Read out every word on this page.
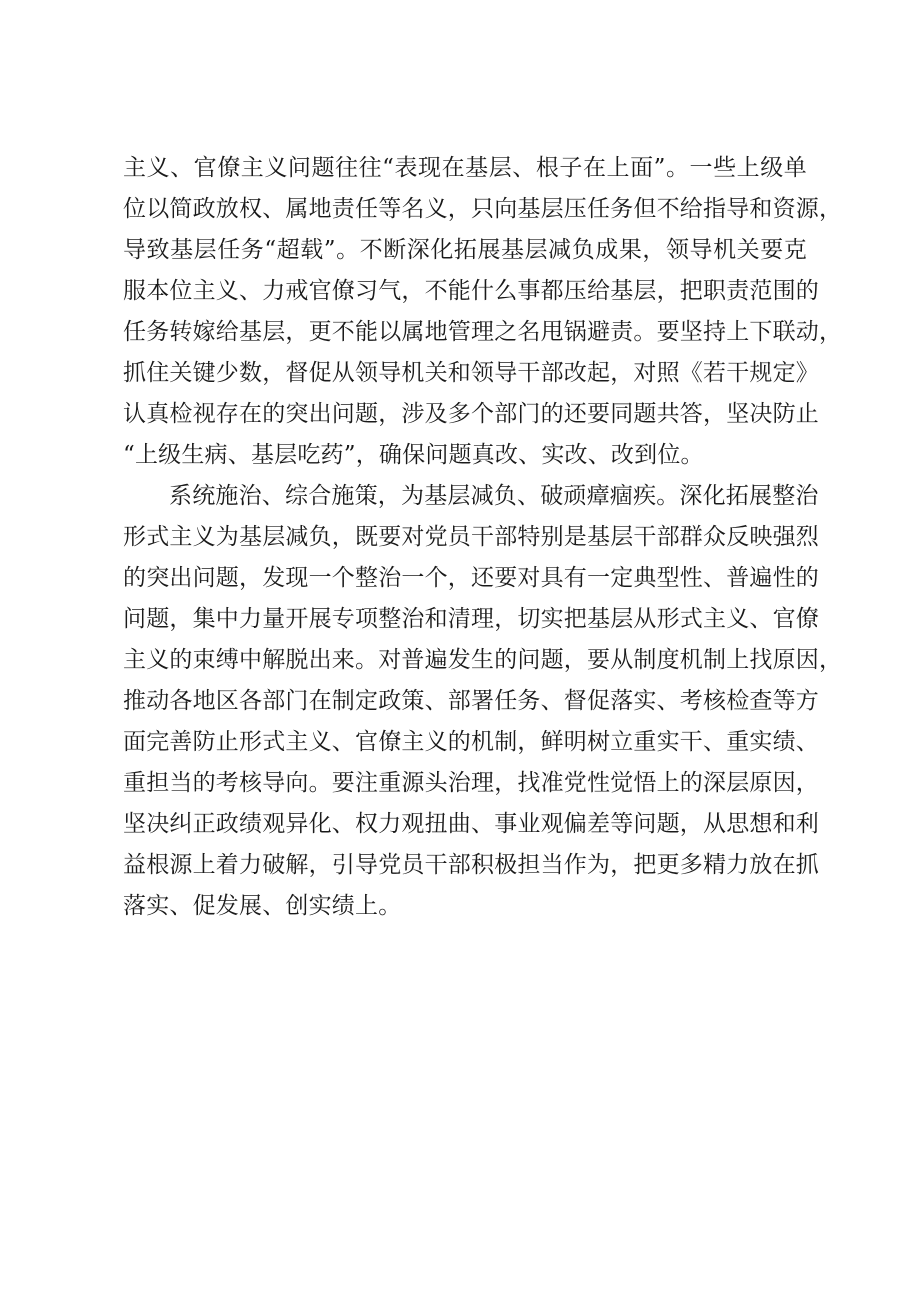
主义、官僚主义问题往往“表现在基层、根子在上面”。一些上级单
位以简政放权、属地责任等名义，只向基层压任务但不给指导和资源，
导致基层任务“超载”。不断深化拓展基层减负成果，领导机关要克
服本位主义、力戒官僚习气，不能什么事都压给基层，把职责范围的
任务转嫁给基层，更不能以属地管理之名甩锅避责。要坚持上下联动，
抓住关键少数，督促从领导机关和领导干部改起，对照《若干规定》
认真检视存在的突出问题，涉及多个部门的还要同题共答，坚决防止
“上级生病、基层吃药”，确保问题真改、实改、改到位。
系统施治、综合施策，为基层减负、破顽瘴痼疾。深化拓展整治
形式主义为基层减负，既要对党员干部特别是基层干部群众反映强烈
的突出问题，发现一个整治一个，还要对具有一定典型性、普遍性的
问题，集中力量开展专项整治和清理，切实把基层从形式主义、官僚
主义的束缚中解脱出来。对普遍发生的问题，要从制度机制上找原因，
推动各地区各部门在制定政策、部署任务、督促落实、考核检查等方
面完善防止形式主义、官僚主义的机制，鲜明树立重实干、重实绩、
重担当的考核导向。要注重源头治理，找准党性觉悟上的深层原因，
坚决纠正政绩观异化、权力观扭曲、事业观偏差等问题，从思想和利
益根源上着力破解，引导党员干部积极担当作为，把更多精力放在抓
落实、促发展、创实绩上。
